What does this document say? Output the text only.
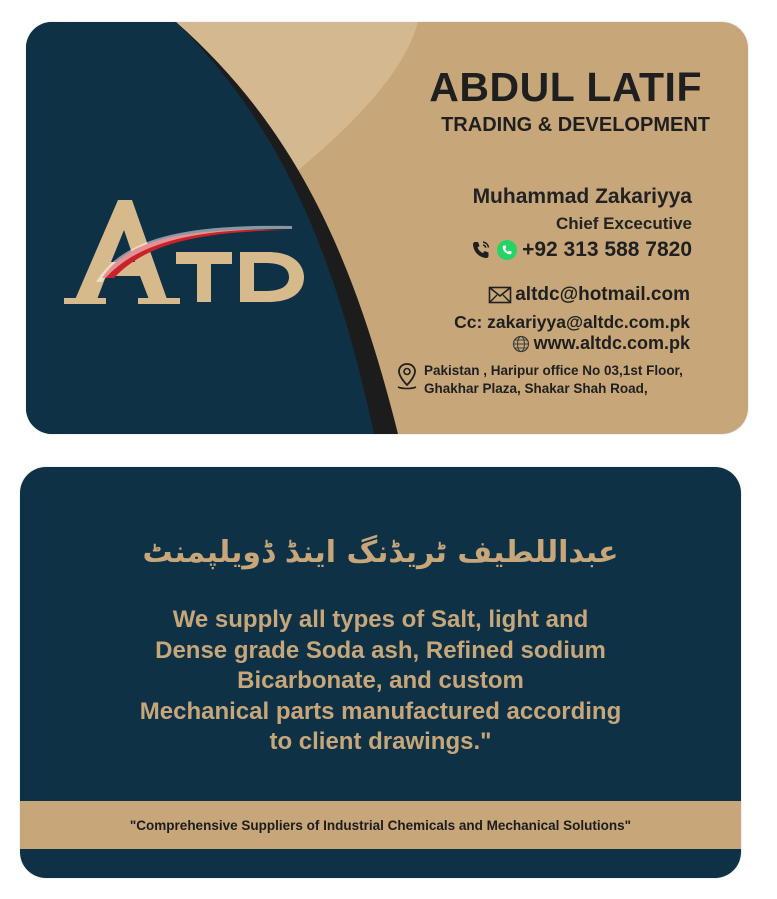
ABDUL LATIF
TRADING & DEVELOPMENT
Muhammad Zakariyya
Chief Excecutive
+92 313 588 7820
altdc@hotmail.com
Cc: zakariyya@altdc.com.pk
www.altdc.com.pk
Pakistan , Haripur office No 03,1st Floor,
Ghakhar Plaza, Shakar Shah Road,
عبداللطیف ٹریڈنگ اینڈ ڈویلپمنٹ
We supply all types of Salt, light and
Dense grade Soda ash, Refined sodium
Bicarbonate, and custom
Mechanical parts manufactured according
to client drawings."
"Comprehensive Suppliers of Industrial Chemicals and Mechanical Solutions"
